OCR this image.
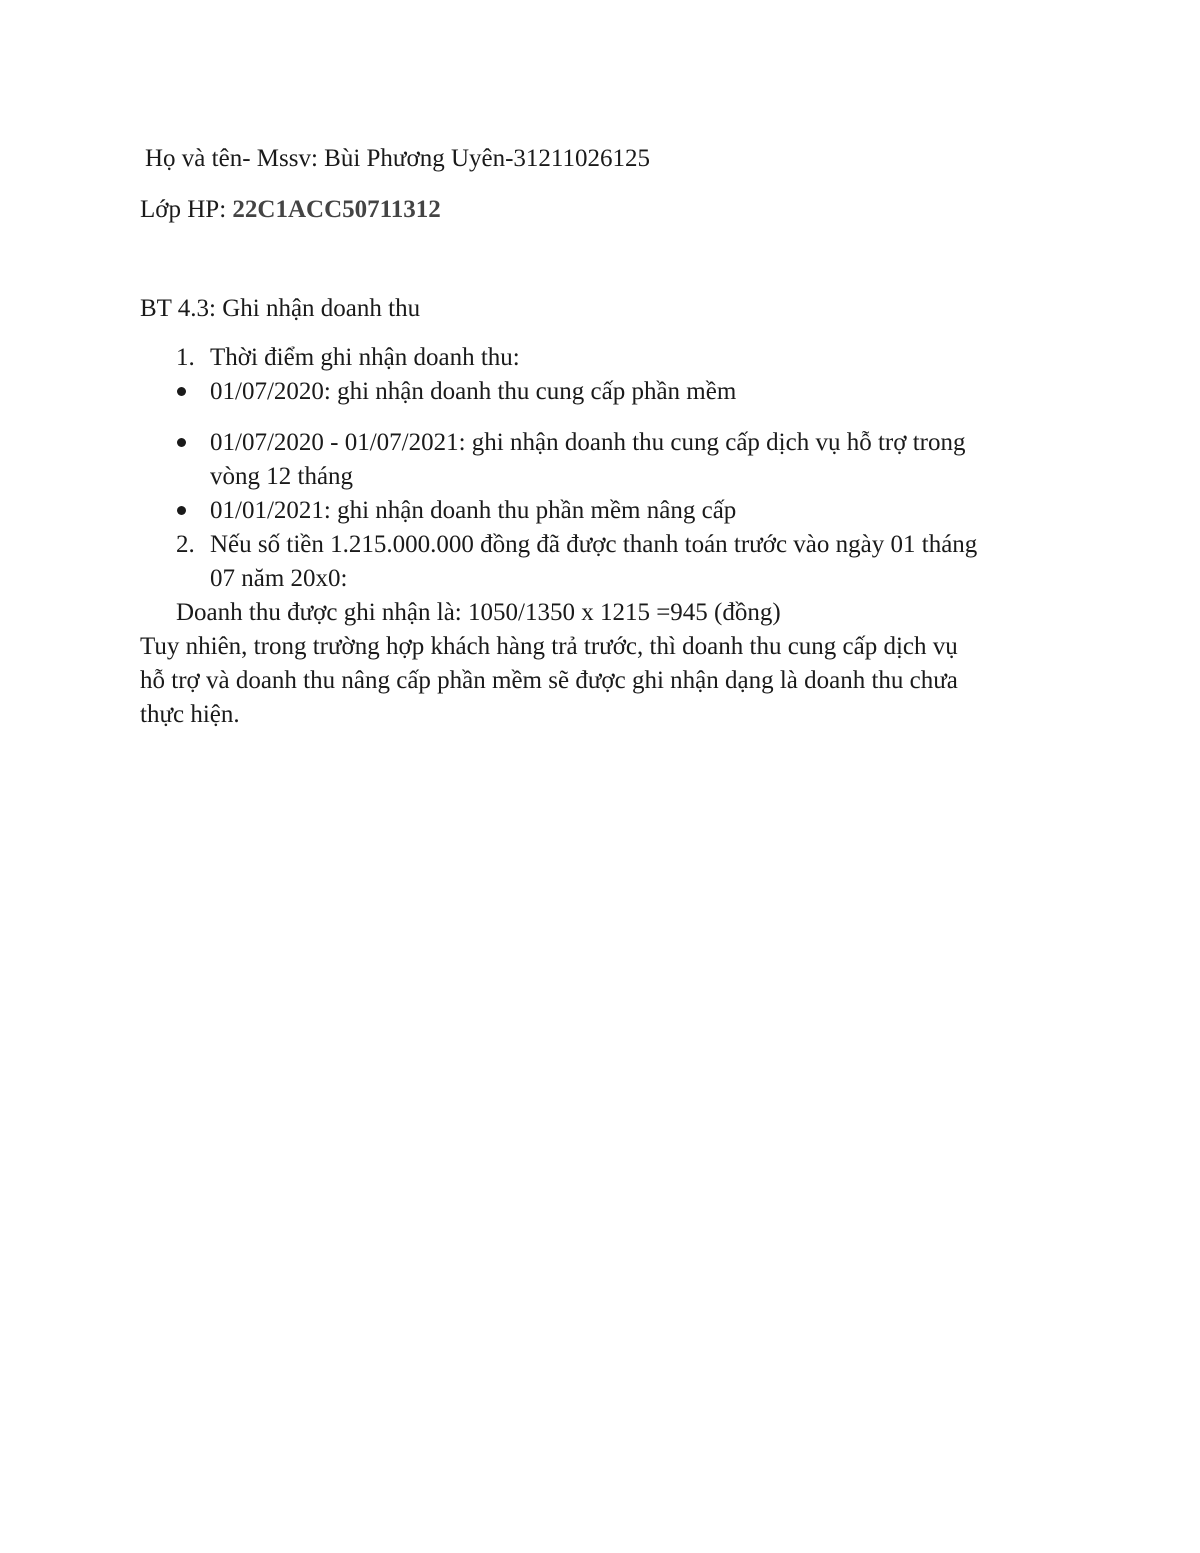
Họ và tên- Mssv: Bùi Phương Uyên-31211026125
Lớp HP: 22C1ACC50711312
BT 4.3: Ghi nhận doanh thu
1. Thời điểm ghi nhận doanh thu:
01/07/2020: ghi nhận doanh thu cung cấp phần mềm
01/07/2020 - 01/07/2021: ghi nhận doanh thu cung cấp dịch vụ hỗ trợ trong
vòng 12 tháng
01/01/2021: ghi nhận doanh thu phần mềm nâng cấp
2. Nếu số tiền 1.215.000.000 đồng đã được thanh toán trước vào ngày 01 tháng
07 năm 20x0:
Doanh thu được ghi nhận là: 1050/1350 x 1215 =945 (đồng)
Tuy nhiên, trong trường hợp khách hàng trả trước, thì doanh thu cung cấp dịch vụ
hỗ trợ và doanh thu nâng cấp phần mềm sẽ được ghi nhận dạng là doanh thu chưa
thực hiện.
